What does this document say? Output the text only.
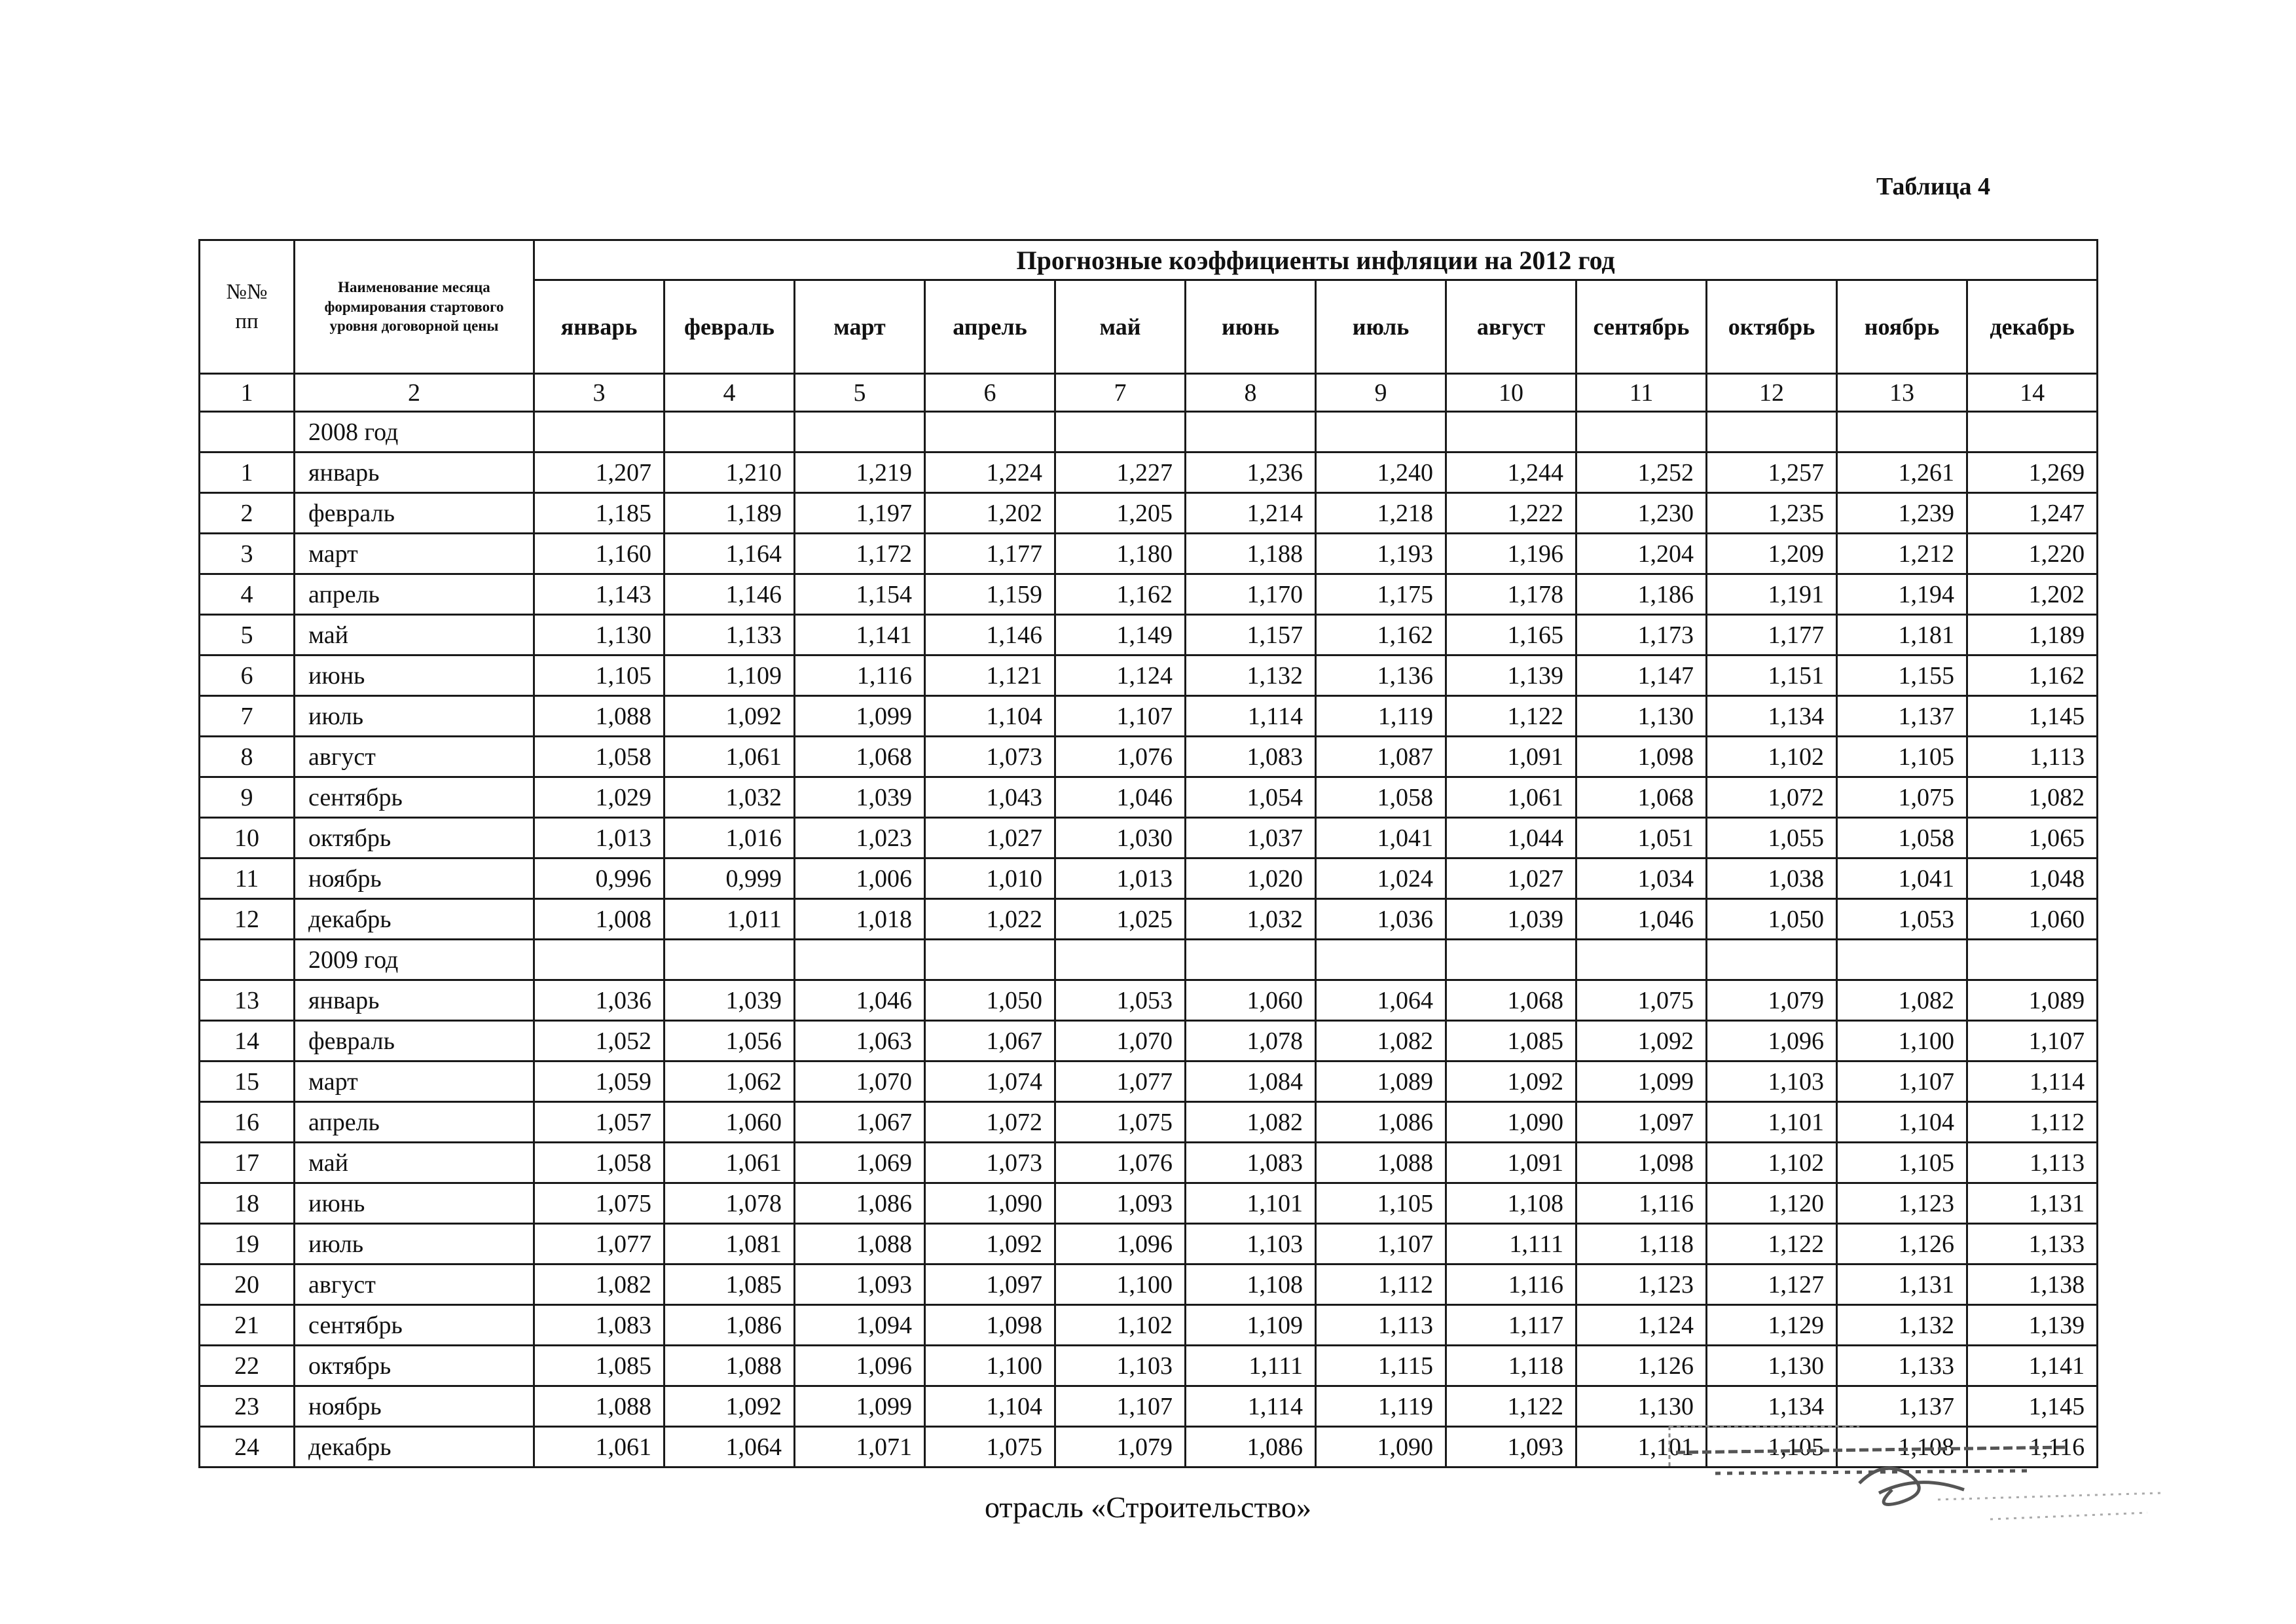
Таблица 4
№№
пп	Наименование месяца формирования стартового уровня договорной цены	Прогнозные коэффициенты инфляции на 2012 год											
		январь	февраль	март	апрель	май	июнь	июль	август	сентябрь	октябрь	ноябрь	декабрь
1	2	3	4	5	6	7	8	9	10	11	12	13	14
	2008 год												
1	январь	1,207	1,210	1,219	1,224	1,227	1,236	1,240	1,244	1,252	1,257	1,261	1,269
2	февраль	1,185	1,189	1,197	1,202	1,205	1,214	1,218	1,222	1,230	1,235	1,239	1,247
3	март	1,160	1,164	1,172	1,177	1,180	1,188	1,193	1,196	1,204	1,209	1,212	1,220
4	апрель	1,143	1,146	1,154	1,159	1,162	1,170	1,175	1,178	1,186	1,191	1,194	1,202
5	май	1,130	1,133	1,141	1,146	1,149	1,157	1,162	1,165	1,173	1,177	1,181	1,189
6	июнь	1,105	1,109	1,116	1,121	1,124	1,132	1,136	1,139	1,147	1,151	1,155	1,162
7	июль	1,088	1,092	1,099	1,104	1,107	1,114	1,119	1,122	1,130	1,134	1,137	1,145
8	август	1,058	1,061	1,068	1,073	1,076	1,083	1,087	1,091	1,098	1,102	1,105	1,113
9	сентябрь	1,029	1,032	1,039	1,043	1,046	1,054	1,058	1,061	1,068	1,072	1,075	1,082
10	октябрь	1,013	1,016	1,023	1,027	1,030	1,037	1,041	1,044	1,051	1,055	1,058	1,065
11	ноябрь	0,996	0,999	1,006	1,010	1,013	1,020	1,024	1,027	1,034	1,038	1,041	1,048
12	декабрь	1,008	1,011	1,018	1,022	1,025	1,032	1,036	1,039	1,046	1,050	1,053	1,060
	2009 год												
13	январь	1,036	1,039	1,046	1,050	1,053	1,060	1,064	1,068	1,075	1,079	1,082	1,089
14	февраль	1,052	1,056	1,063	1,067	1,070	1,078	1,082	1,085	1,092	1,096	1,100	1,107
15	март	1,059	1,062	1,070	1,074	1,077	1,084	1,089	1,092	1,099	1,103	1,107	1,114
16	апрель	1,057	1,060	1,067	1,072	1,075	1,082	1,086	1,090	1,097	1,101	1,104	1,112
17	май	1,058	1,061	1,069	1,073	1,076	1,083	1,088	1,091	1,098	1,102	1,105	1,113
18	июнь	1,075	1,078	1,086	1,090	1,093	1,101	1,105	1,108	1,116	1,120	1,123	1,131
19	июль	1,077	1,081	1,088	1,092	1,096	1,103	1,107	1,111	1,118	1,122	1,126	1,133
20	август	1,082	1,085	1,093	1,097	1,100	1,108	1,112	1,116	1,123	1,127	1,131	1,138
21	сентябрь	1,083	1,086	1,094	1,098	1,102	1,109	1,113	1,117	1,124	1,129	1,132	1,139
22	октябрь	1,085	1,088	1,096	1,100	1,103	1,111	1,115	1,118	1,126	1,130	1,133	1,141
23	ноябрь	1,088	1,092	1,099	1,104	1,107	1,114	1,119	1,122	1,130	1,134	1,137	1,145
24	декабрь	1,061	1,064	1,071	1,075	1,079	1,086	1,090	1,093	1,101	1,105	1,108	1,116
отрасль «Строительство»
